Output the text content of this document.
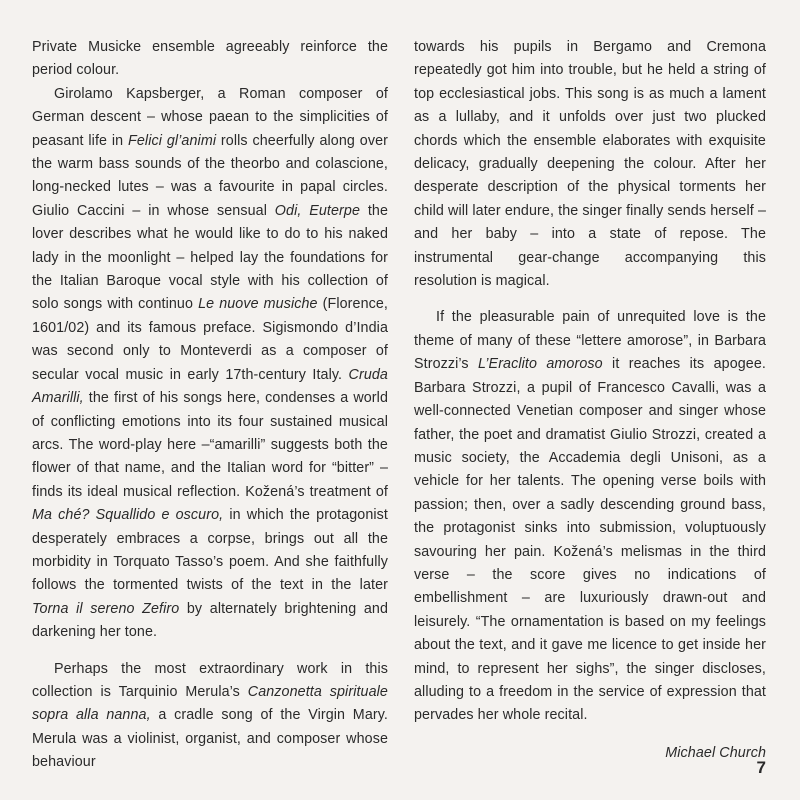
Private Musicke ensemble agreeably reinforce the period colour.

Girolamo Kapsberger, a Roman composer of German descent – whose paean to the simplicities of peasant life in Felici gl’animi rolls cheerfully along over the warm bass sounds of the theorbo and colascione, long-necked lutes – was a favourite in papal circles. Giulio Caccini – in whose sensual Odi, Euterpe the lover describes what he would like to do to his naked lady in the moonlight – helped lay the foundations for the Italian Baroque vocal style with his collection of solo songs with continuo Le nuove musiche (Florence, 1601/02) and its famous preface. Sigismondo d’India was second only to Monteverdi as a composer of secular vocal music in early 17th-century Italy. Cruda Amarilli, the first of his songs here, condenses a world of conflicting emotions into its four sustained musical arcs. The word-play here –“amarilli” suggests both the flower of that name, and the Italian word for “bitter” – finds its ideal musical reflection. Kožená’s treatment of Ma ché? Squallido e oscuro, in which the protagonist desperately embraces a corpse, brings out all the morbidity in Torquato Tasso’s poem. And she faithfully follows the tormented twists of the text in the later Torna il sereno Zefiro by alternately brightening and darkening her tone.

Perhaps the most extraordinary work in this collection is Tarquinio Merula’s Canzonetta spirituale sopra alla nanna, a cradle song of the Virgin Mary. Merula was a violinist, organist, and composer whose behaviour

towards his pupils in Bergamo and Cremona repeatedly got him into trouble, but he held a string of top ecclesiastical jobs. This song is as much a lament as a lullaby, and it unfolds over just two plucked chords which the ensemble elaborates with exquisite delicacy, gradually deepening the colour. After her desperate description of the physical torments her child will later endure, the singer finally sends herself – and her baby – into a state of repose. The instrumental gear-change accompanying this resolution is magical.

If the pleasurable pain of unrequited love is the theme of many of these “lettere amorose”, in Barbara Strozzi’s L’Eraclito amoroso it reaches its apogee. Barbara Strozzi, a pupil of Francesco Cavalli, was a well-connected Venetian composer and singer whose father, the poet and dramatist Giulio Strozzi, created a music society, the Accademia degli Unisoni, as a vehicle for her talents. The opening verse boils with passion; then, over a sadly descending ground bass, the protagonist sinks into submission, voluptuously savouring her pain. Kožená’s melismas in the third verse – the score gives no indications of embellishment – are luxuriously drawn-out and leisurely. “The ornamentation is based on my feelings about the text, and it gave me licence to get inside her mind, to represent her sighs”, the singer discloses, alluding to a freedom in the service of expression that pervades her whole recital.

Michael Church

7
